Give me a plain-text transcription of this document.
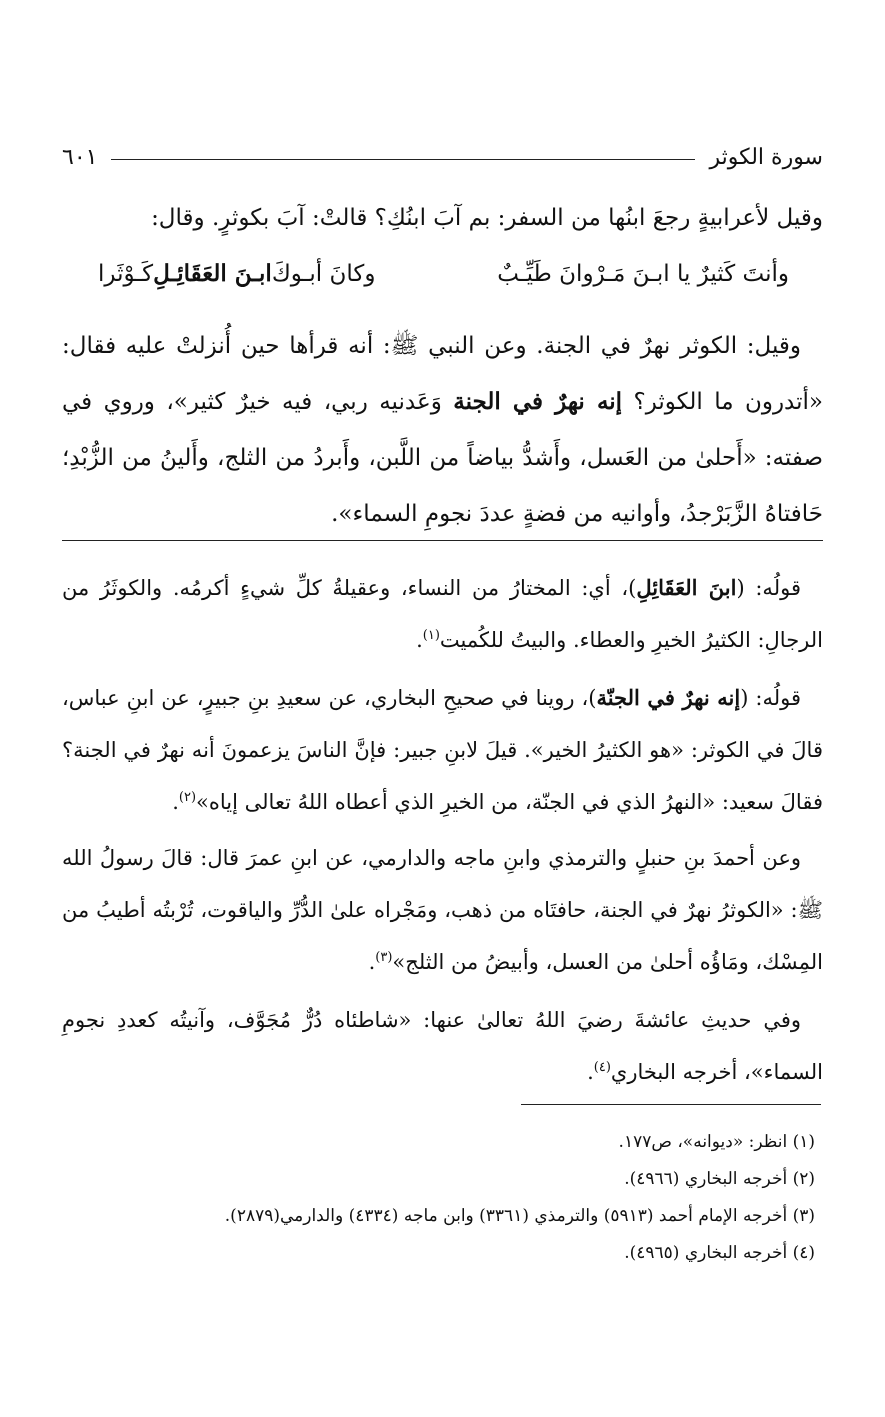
سورة الكوثر
٦٠١

وقيل لأعرابيةٍ رجعَ ابنُها من السفر: بم آبَ ابنُكِ؟ قالتْ: آبَ بكوثرٍ. وقال:

وأنتَ كَثيرٌ يا ابـنَ مَـرْوانَ طَيِّـبٌ
وكانَ أبـوكَابـنَ العَقَائِـلِكَـوْثَرا

وقيل: الكوثر نهرٌ في الجنة. وعن النبي ﷺ: أنه قرأها حين أُنزلتْ عليه فقال: «أتدرون ما الكوثر؟ إنه نهرٌ في الجنة وَعَدنيه ربي، فيه خيرٌ كثير»، وروي في صفته: «أَحلىٰ من العَسل، وأَشدُّ بياضاً من اللَّبن، وأَبردُ من الثلج، وأَلينُ من الزُّبْدِ؛ حَافتاهُ الزَّبَرْجدُ، وأوانيه من فضةٍ عددَ نجومِ السماء».

قولُه: (ابنَ العَقَائِلِ)، أي: المختارُ من النساء، وعقيلةُ كلِّ شيءٍ أكرمُه. والكوثَرُ من الرجالِ: الكثيرُ الخيرِ والعطاء. والبيتُ للكُميت$^{(١)}$.

قولُه: (إنه نهرٌ في الجنّة)، روينا في صحيحِ البخاري، عن سعيدِ بنِ جبيرٍ، عن ابنِ عباس، قالَ في الكوثر: «هو الكثيرُ الخير». قيلَ لابنِ جبير: فإنَّ الناسَ يزعمونَ أنه نهرٌ في الجنة؟ فقالَ سعيد: «النهرُ الذي في الجنّة، من الخيرِ الذي أعطاه اللهُ تعالى إياه»$^{(٢)}$.

وعن أحمدَ بنِ حنبلٍ والترمذي وابنِ ماجه والدارمي، عن ابنِ عمرَ قال: قالَ رسولُ الله ﷺ: «الكوثرُ نهرٌ في الجنة، حافتَاه من ذهب، ومَجْراه علىٰ الدُّرِّ والياقوت، تُرْبتُه أطيبُ من المِسْك، ومَاؤُه أحلىٰ من العسل، وأبيضُ من الثلج»$^{(٣)}$.

وفي حديثِ عائشةَ رضيَ اللهُ تعالىٰ عنها: «شاطئاه دُرٌّ مُجَوَّف، وآنيتُه كعددِ نجومِ السماء»، أخرجه البخاري$^{(٤)}$.

(١) انظر: «ديوانه»، ص١٧٧.

(٢) أخرجه البخاري (٤٩٦٦).

(٣) أخرجه الإمام أحمد (٥٩١٣) والترمذي (٣٣٦١) وابن ماجه (٤٣٣٤) والدارمي(٢٨٧٩).

(٤) أخرجه البخاري (٤٩٦٥).
